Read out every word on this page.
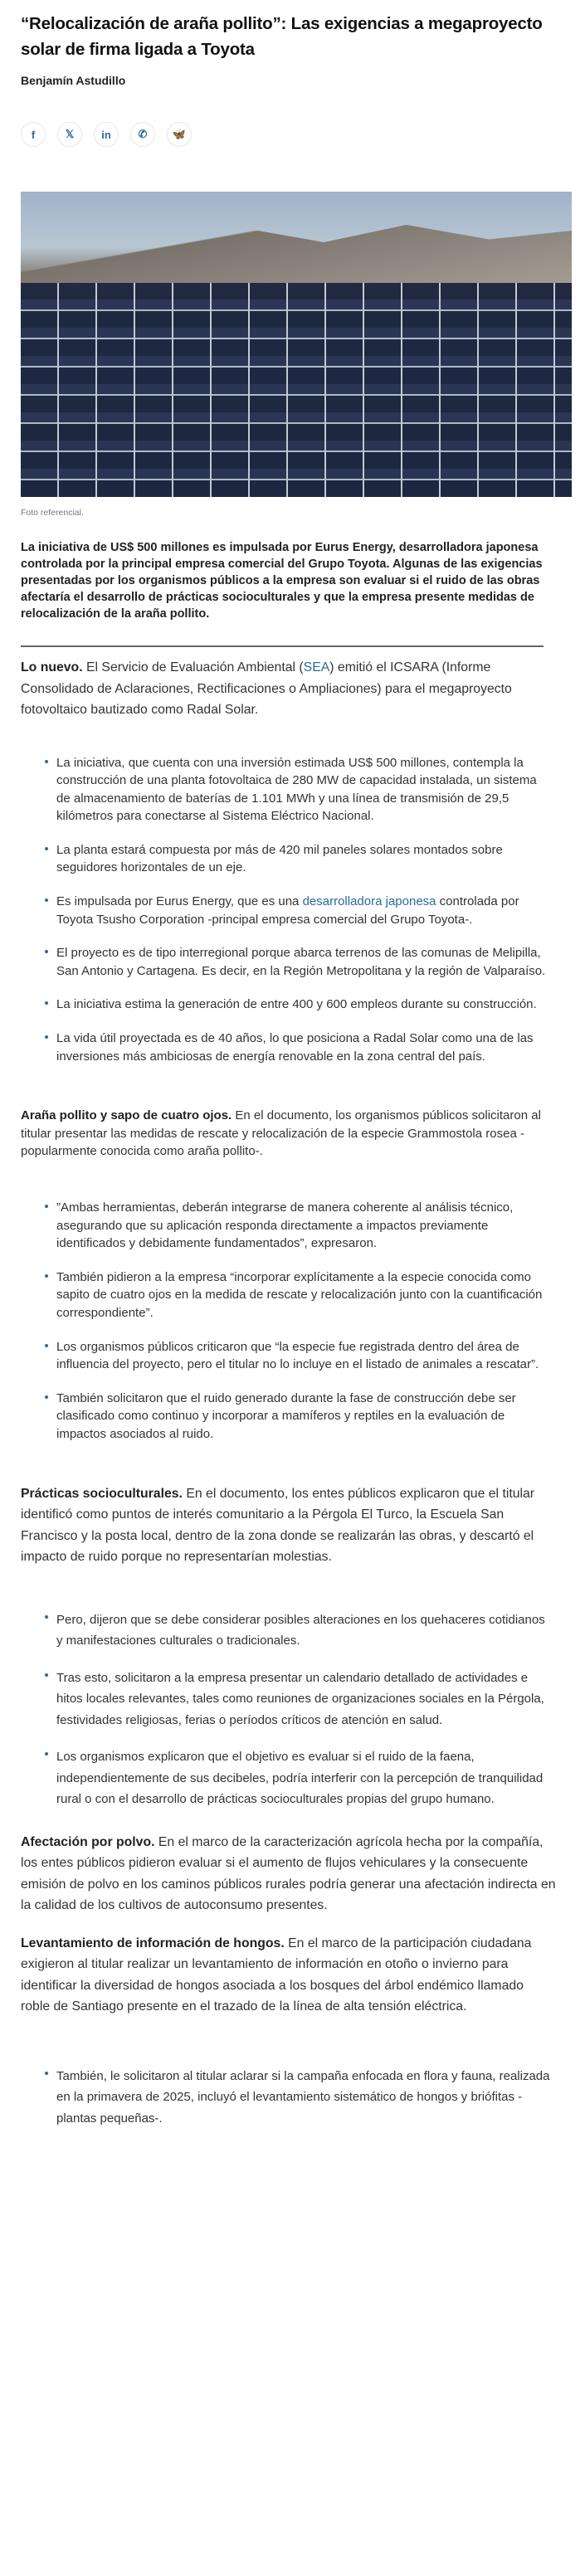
“Relocalización de araña pollito”: Las exigencias a megaproyecto solar de firma ligada a Toyota
Benjamín Astudillo
f	𝕏	in	✆	🦋
Foto referencial.

La iniciativa de US$ 500 millones es impulsada por Eurus Energy, desarrolladora japonesa controlada por la principal empresa comercial del Grupo Toyota. Algunas de las exigencias presentadas por los organismos públicos a la empresa son evaluar si el ruido de las obras afectaría el desarrollo de prácticas socioculturales y que la empresa presente medidas de relocalización de la araña pollito.

Lo nuevo. El Servicio de Evaluación Ambiental (SEA) emitió el ICSARA (Informe Consolidado de Aclaraciones, Rectificaciones o Ampliaciones) para el megaproyecto fotovoltaico bautizado como Radal Solar.

La iniciativa, que cuenta con una inversión estimada US$ 500 millones, contempla la construcción de una planta fotovoltaica de 280 MW de capacidad instalada, un sistema de almacenamiento de baterías de 1.101 MWh y una línea de transmisión de 29,5 kilómetros para conectarse al Sistema Eléctrico Nacional.
La planta estará compuesta por más de 420 mil paneles solares montados sobre seguidores horizontales de un eje.
Es impulsada por Eurus Energy, que es una desarrolladora japonesa controlada por Toyota Tsusho Corporation -principal empresa comercial del Grupo Toyota-.
El proyecto es de tipo interregional porque abarca terrenos de las comunas de Melipilla, San Antonio y Cartagena. Es decir, en la Región Metropolitana y la región de Valparaíso.
La iniciativa estima la generación de entre 400 y 600 empleos durante su construcción.
La vida útil proyectada es de 40 años, lo que posiciona a Radal Solar como una de las inversiones más ambiciosas de energía renovable en la zona central del país.

Araña pollito y sapo de cuatro ojos. En el documento, los organismos públicos solicitaron al titular presentar las medidas de rescate y relocalización de la especie Grammostola rosea -popularmente conocida como araña pollito-.

”Ambas herramientas, deberán integrarse de manera coherente al análisis técnico, asegurando que su aplicación responda directamente a impactos previamente identificados y debidamente fundamentados”, expresaron.
También pidieron a la empresa “incorporar explícitamente a la especie conocida como sapito de cuatro ojos en la medida de rescate y relocalización junto con la cuantificación correspondiente”.
Los organismos públicos criticaron que “la especie fue registrada dentro del área de influencia del proyecto, pero el titular no lo incluye en el listado de animales a rescatar”.
También solicitaron que el ruido generado durante la fase de construcción debe ser clasificado como continuo y incorporar a mamíferos y reptiles en la evaluación de impactos asociados al ruido.

Prácticas socioculturales. En el documento, los entes públicos explicaron que el titular identificó como puntos de interés comunitario a la Pérgola El Turco, la Escuela San Francisco y la posta local, dentro de la zona donde se realizarán las obras, y descartó el impacto de ruido porque no representarían molestias.

Pero, dijeron que se debe considerar posibles alteraciones en los quehaceres cotidianos y manifestaciones culturales o tradicionales.
Tras esto, solicitaron a la empresa presentar un calendario detallado de actividades e hitos locales relevantes, tales como reuniones de organizaciones sociales en la Pérgola, festividades religiosas, ferias o períodos críticos de atención en salud.
Los organismos explicaron que el objetivo es evaluar si el ruido de la faena, independientemente de sus decibeles, podría interferir con la percepción de tranquilidad rural o con el desarrollo de prácticas socioculturales propias del grupo humano.

Afectación por polvo. En el marco de la caracterización agrícola hecha por la compañía, los entes públicos pidieron evaluar si el aumento de flujos vehiculares y la consecuente emisión de polvo en los caminos públicos rurales podría generar una afectación indirecta en la calidad de los cultivos de autoconsumo presentes.

Levantamiento de información de hongos. En el marco de la participación ciudadana exigieron al titular realizar un levantamiento de información en otoño o invierno para identificar la diversidad de hongos asociada a los bosques del árbol endémico llamado roble de Santiago presente en el trazado de la línea de alta tensión eléctrica.

También, le solicitaron al titular aclarar si la campaña enfocada en flora y fauna, realizada en la primavera de 2025, incluyó el levantamiento sistemático de hongos y briófitas -plantas pequeñas-.
